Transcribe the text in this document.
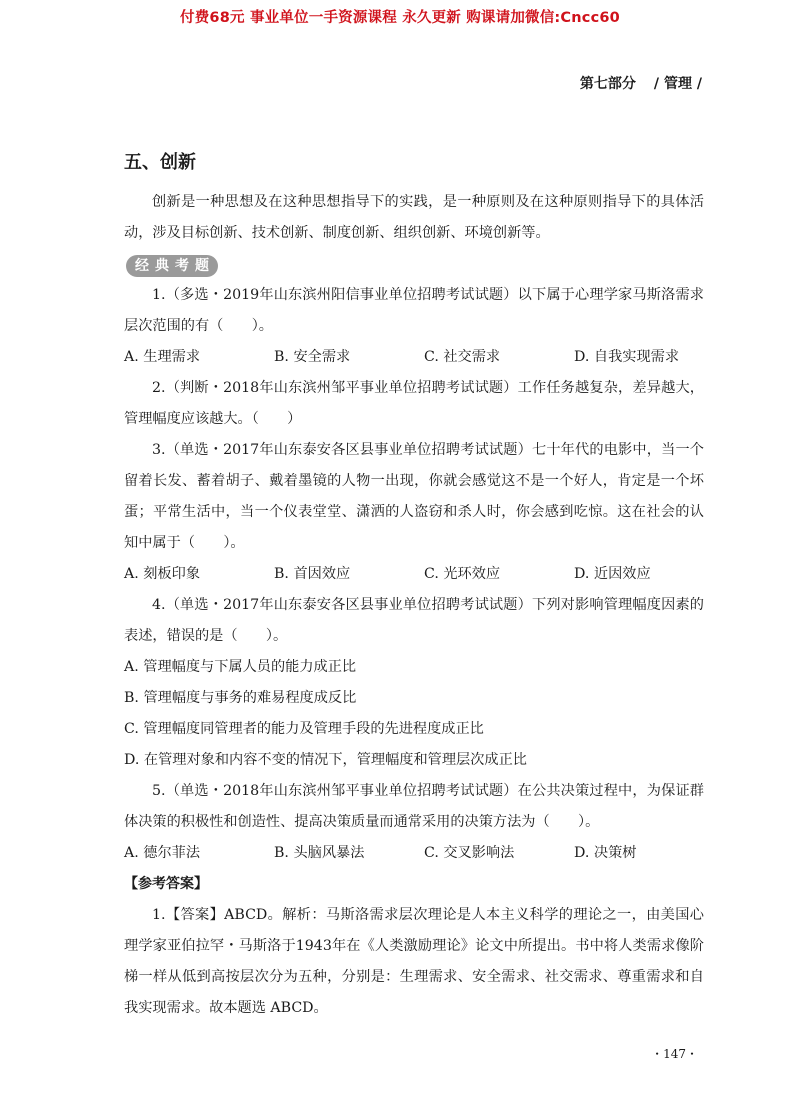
付费68元 事业单位一手资源课程 永久更新 购课请加微信:Cncc60
第七部分 / 管理 /
五、创新
创新是一种思想及在这种思想指导下的实践，是一种原则及在这种原则指导下的具体活动，涉及目标创新、技术创新、制度创新、组织创新、环境创新等。
经 典 考 题
1.（多选・2019年山东滨州阳信事业单位招聘考试试题）以下属于心理学家马斯洛需求层次范围的有（　　）。
A. 生理需求	B. 安全需求	C. 社交需求	D. 自我实现需求
2.（判断・2018年山东滨州邹平事业单位招聘考试试题）工作任务越复杂，差异越大，管理幅度应该越大。（　　）
3.（单选・2017年山东泰安各区县事业单位招聘考试试题）七十年代的电影中，当一个留着长发、蓄着胡子、戴着墨镜的人物一出现，你就会感觉这不是一个好人，肯定是一个坏蛋；平常生活中，当一个仪表堂堂、潇洒的人盗窃和杀人时，你会感到吃惊。这在社会的认知中属于（　　）。
A. 刻板印象	B. 首因效应	C. 光环效应	D. 近因效应
4.（单选・2017年山东泰安各区县事业单位招聘考试试题）下列对影响管理幅度因素的表述，错误的是（　　）。
A. 管理幅度与下属人员的能力成正比
B. 管理幅度与事务的难易程度成反比
C. 管理幅度同管理者的能力及管理手段的先进程度成正比
D. 在管理对象和内容不变的情况下，管理幅度和管理层次成正比
5.（单选・2018年山东滨州邹平事业单位招聘考试试题）在公共决策过程中，为保证群体决策的积极性和创造性、提高决策质量而通常采用的决策方法为（　　）。
A. 德尔菲法	B. 头脑风暴法	C. 交叉影响法	D. 决策树
【参考答案】
1.【答案】ABCD。解析：马斯洛需求层次理论是人本主义科学的理论之一，由美国心理学家亚伯拉罕・马斯洛于1943年在《人类激励理论》论文中所提出。书中将人类需求像阶梯一样从低到高按层次分为五种，分别是：生理需求、安全需求、社交需求、尊重需求和自我实现需求。故本题选 ABCD。
・147・
